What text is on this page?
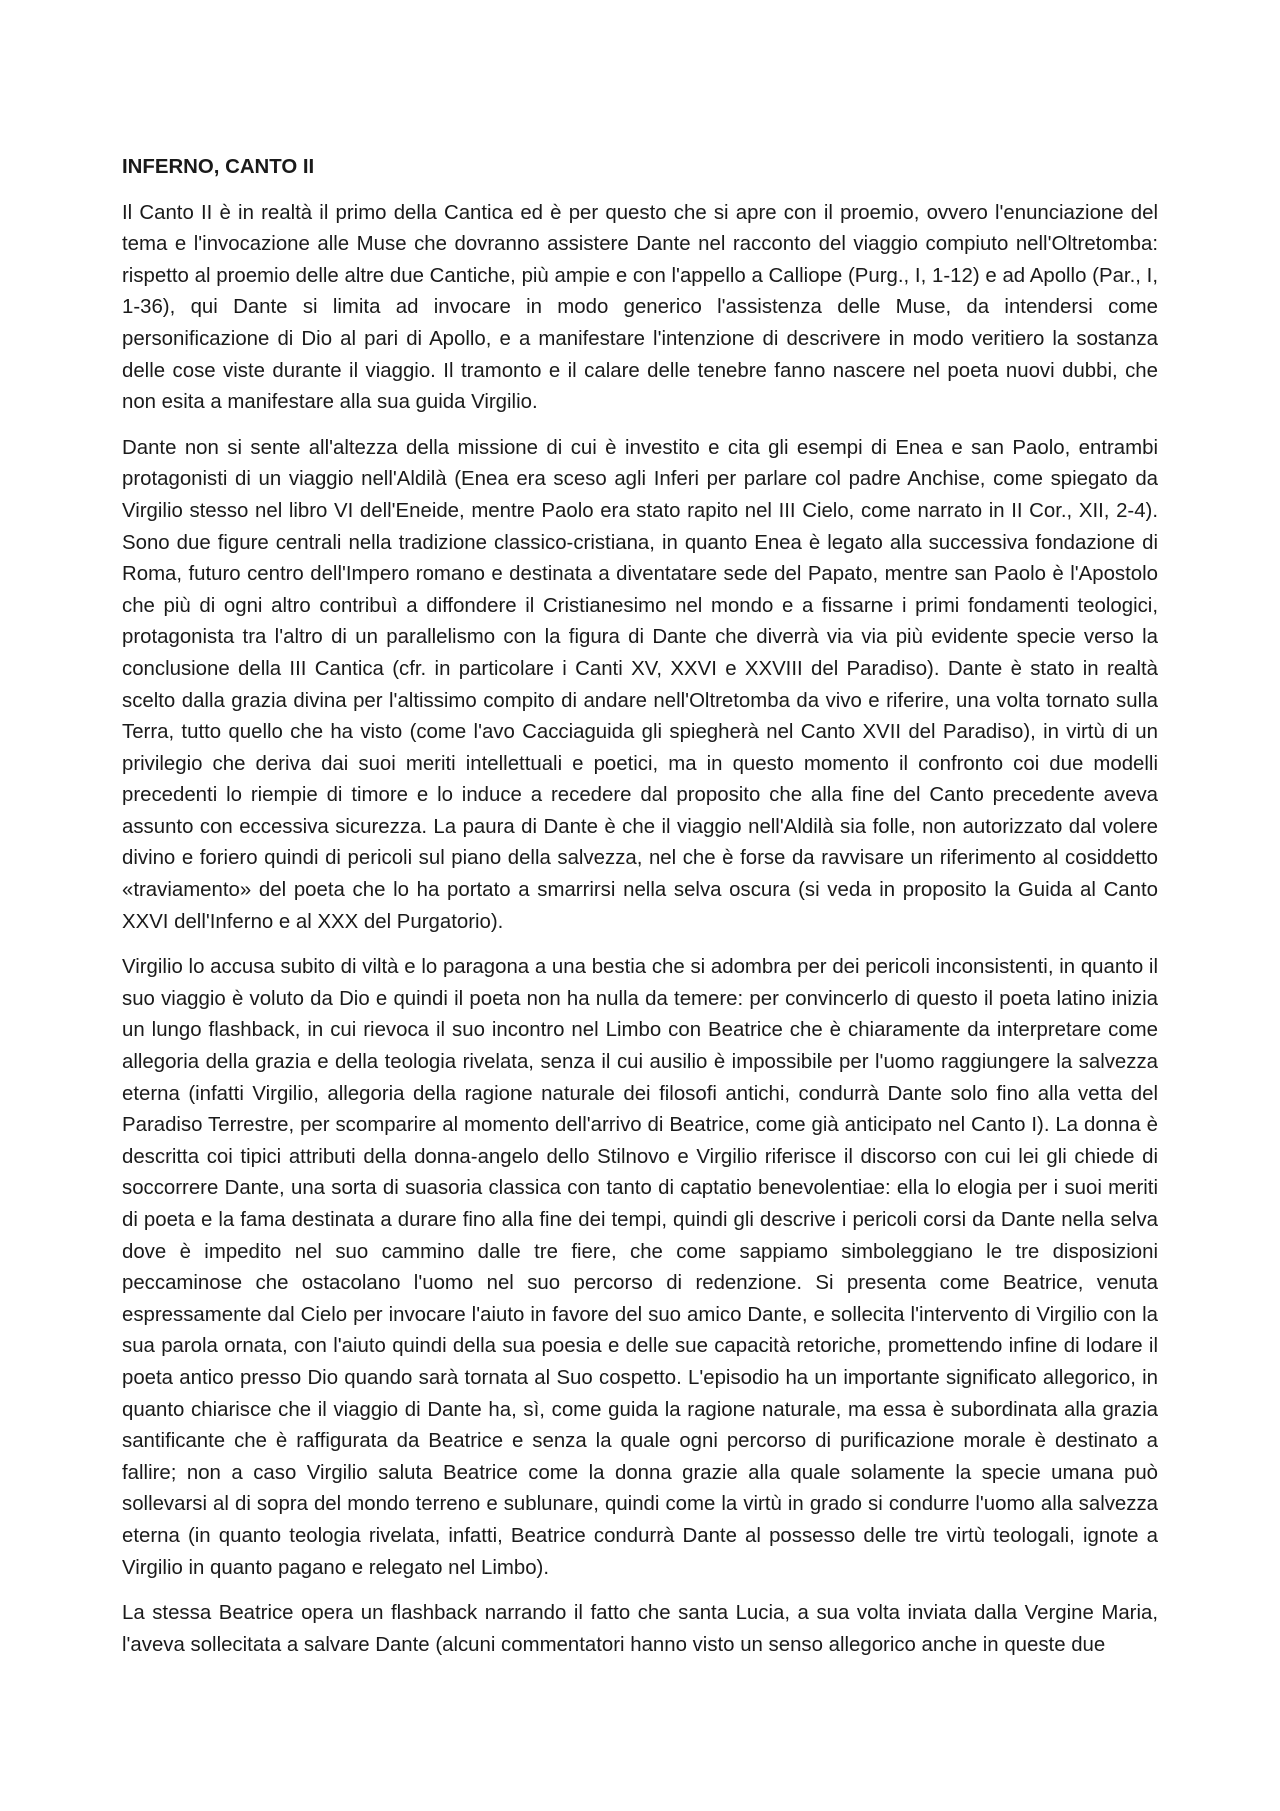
INFERNO, CANTO II

Il Canto II è in realtà il primo della Cantica ed è per questo che si apre con il proemio, ovvero l'enunciazione del tema e l'invocazione alle Muse che dovranno assistere Dante nel racconto del viaggio compiuto nell'Oltretomba: rispetto al proemio delle altre due Cantiche, più ampie e con l'appello a Calliope (Purg., I, 1-12) e ad Apollo (Par., I, 1-36), qui Dante si limita ad invocare in modo generico l'assistenza delle Muse, da intendersi come personificazione di Dio al pari di Apollo, e a manifestare l'intenzione di descrivere in modo veritiero la sostanza delle cose viste durante il viaggio. Il tramonto e il calare delle tenebre fanno nascere nel poeta nuovi dubbi, che non esita a manifestare alla sua guida Virgilio.

Dante non si sente all'altezza della missione di cui è investito e cita gli esempi di Enea e san Paolo, entrambi protagonisti di un viaggio nell'Aldilà (Enea era sceso agli Inferi per parlare col padre Anchise, come spiegato da Virgilio stesso nel libro VI dell'Eneide, mentre Paolo era stato rapito nel III Cielo, come narrato in II Cor., XII, 2-4). Sono due figure centrali nella tradizione classico-cristiana, in quanto Enea è legato alla successiva fondazione di Roma, futuro centro dell'Impero romano e destinata a diventatare sede del Papato, mentre san Paolo è l'Apostolo che più di ogni altro contribuì a diffondere il Cristianesimo nel mondo e a fissarne i primi fondamenti teologici, protagonista tra l'altro di un parallelismo con la figura di Dante che diverrà via via più evidente specie verso la conclusione della III Cantica (cfr. in particolare i Canti XV, XXVI e XXVIII del Paradiso). Dante è stato in realtà scelto dalla grazia divina per l'altissimo compito di andare nell'Oltretomba da vivo e riferire, una volta tornato sulla Terra, tutto quello che ha visto (come l'avo Cacciaguida gli spiegherà nel Canto XVII del Paradiso), in virtù di un privilegio che deriva dai suoi meriti intellettuali e poetici, ma in questo momento il confronto coi due modelli precedenti lo riempie di timore e lo induce a recedere dal proposito che alla fine del Canto precedente aveva assunto con eccessiva sicurezza. La paura di Dante è che il viaggio nell'Aldilà sia folle, non autorizzato dal volere divino e foriero quindi di pericoli sul piano della salvezza, nel che è forse da ravvisare un riferimento al cosiddetto «traviamento» del poeta che lo ha portato a smarrirsi nella selva oscura (si veda in proposito la Guida al Canto XXVI dell'Inferno e al XXX del Purgatorio).

Virgilio lo accusa subito di viltà e lo paragona a una bestia che si adombra per dei pericoli inconsistenti, in quanto il suo viaggio è voluto da Dio e quindi il poeta non ha nulla da temere: per convincerlo di questo il poeta latino inizia un lungo flashback, in cui rievoca il suo incontro nel Limbo con Beatrice che è chiaramente da interpretare come allegoria della grazia e della teologia rivelata, senza il cui ausilio è impossibile per l'uomo raggiungere la salvezza eterna (infatti Virgilio, allegoria della ragione naturale dei filosofi antichi, condurrà Dante solo fino alla vetta del Paradiso Terrestre, per scomparire al momento dell'arrivo di Beatrice, come già anticipato nel Canto I). La donna è descritta coi tipici attributi della donna-angelo dello Stilnovo e Virgilio riferisce il discorso con cui lei gli chiede di soccorrere Dante, una sorta di suasoria classica con tanto di captatio benevolentiae: ella lo elogia per i suoi meriti di poeta e la fama destinata a durare fino alla fine dei tempi, quindi gli descrive i pericoli corsi da Dante nella selva dove è impedito nel suo cammino dalle tre fiere, che come sappiamo simboleggiano le tre disposizioni peccaminose che ostacolano l'uomo nel suo percorso di redenzione. Si presenta come Beatrice, venuta espressamente dal Cielo per invocare l'aiuto in favore del suo amico Dante, e sollecita l'intervento di Virgilio con la sua parola ornata, con l'aiuto quindi della sua poesia e delle sue capacità retoriche, promettendo infine di lodare il poeta antico presso Dio quando sarà tornata al Suo cospetto. L'episodio ha un importante significato allegorico, in quanto chiarisce che il viaggio di Dante ha, sì, come guida la ragione naturale, ma essa è subordinata alla grazia santificante che è raffigurata da Beatrice e senza la quale ogni percorso di purificazione morale è destinato a fallire; non a caso Virgilio saluta Beatrice come la donna grazie alla quale solamente la specie umana può sollevarsi al di sopra del mondo terreno e sublunare, quindi come la virtù in grado si condurre l'uomo alla salvezza eterna (in quanto teologia rivelata, infatti, Beatrice condurrà Dante al possesso delle tre virtù teologali, ignote a Virgilio in quanto pagano e relegato nel Limbo).

La stessa Beatrice opera un flashback narrando il fatto che santa Lucia, a sua volta inviata dalla Vergine Maria, l'aveva sollecitata a salvare Dante (alcuni commentatori hanno visto un senso allegorico anche in queste due
